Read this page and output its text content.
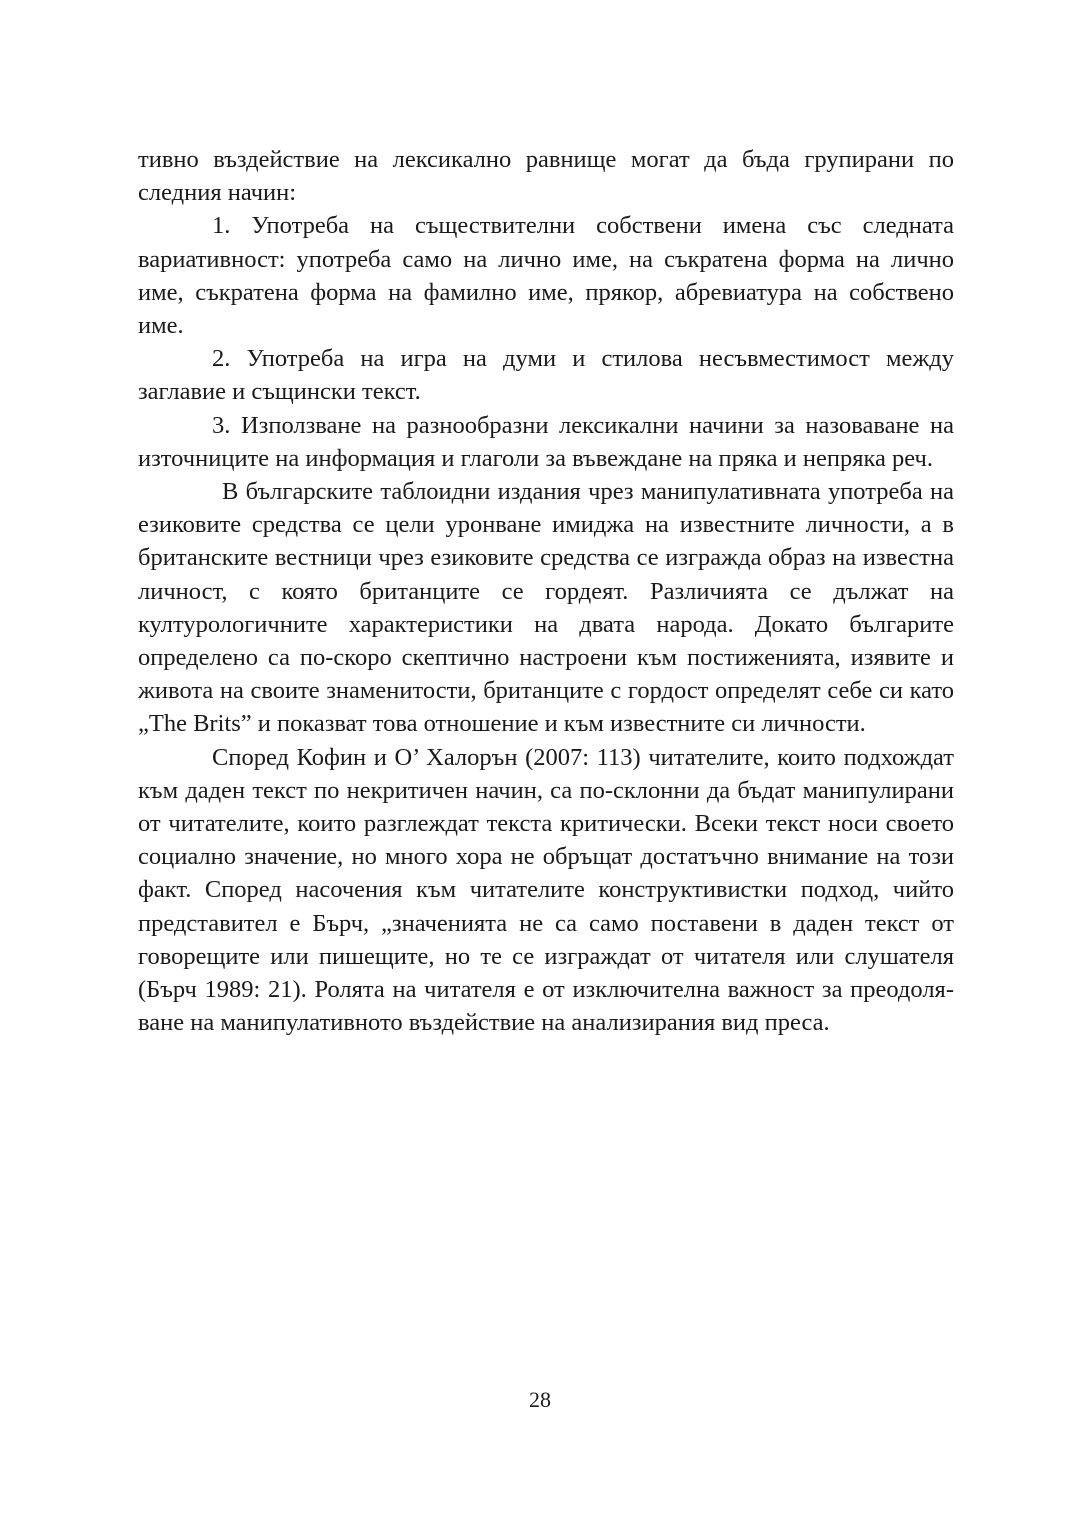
тивно въздействие на лексикално равнище могат да бъда групирани по следния начин:

1. Употреба на съществителни собствени имена със следната вариативност: употреба само на лично име, на съкратена форма на лично име, съкратена форма на фамилно име, прякор, абревиатура на собствено име.

2. Употреба на игра на думи и стилова несъвместимост между заглавие и същински текст.

3. Използване на разнообразни лексикални начини за назоваване на източниците на информация и глаголи за въвеждане на пряка и непряка реч.

В българските таблоидни издания чрез манипулативната употреба на езиковите средства се цели уронване имиджа на известните личности, а в британските вестници чрез езиковите средства се изгражда образ на известна личност, с която британците се гордеят. Различията се дължат на културологичните характеристики на двата народа. Докато българите определено са по-скоро скептично настроени към постиженията, изявите и живота на своите знаменитости, британците с гордост определят себе си като „The Brits” и показват това отношение и към известните си личности.

Според Кофин и О’ Халорън (2007: 113) читателите, които подхождат към даден текст по некритичен начин, са по-склонни да бъдат манипулирани от читателите, които разглеждат текста критически. Всеки текст носи своето социално значение, но много хора не обръщат достатъчно внимание на този факт. Според насочения към читателите конструктивистки подход, чийто представител е Бърч, „значенията не са само поставени в даден текст от говорещите или пишещите, но те се изграждат от читателя или слушателя (Бърч 1989: 21). Ролята на читателя е от изключителна важност за преодоляване на манипулативното въздействие на анализирания вид преса.

28
